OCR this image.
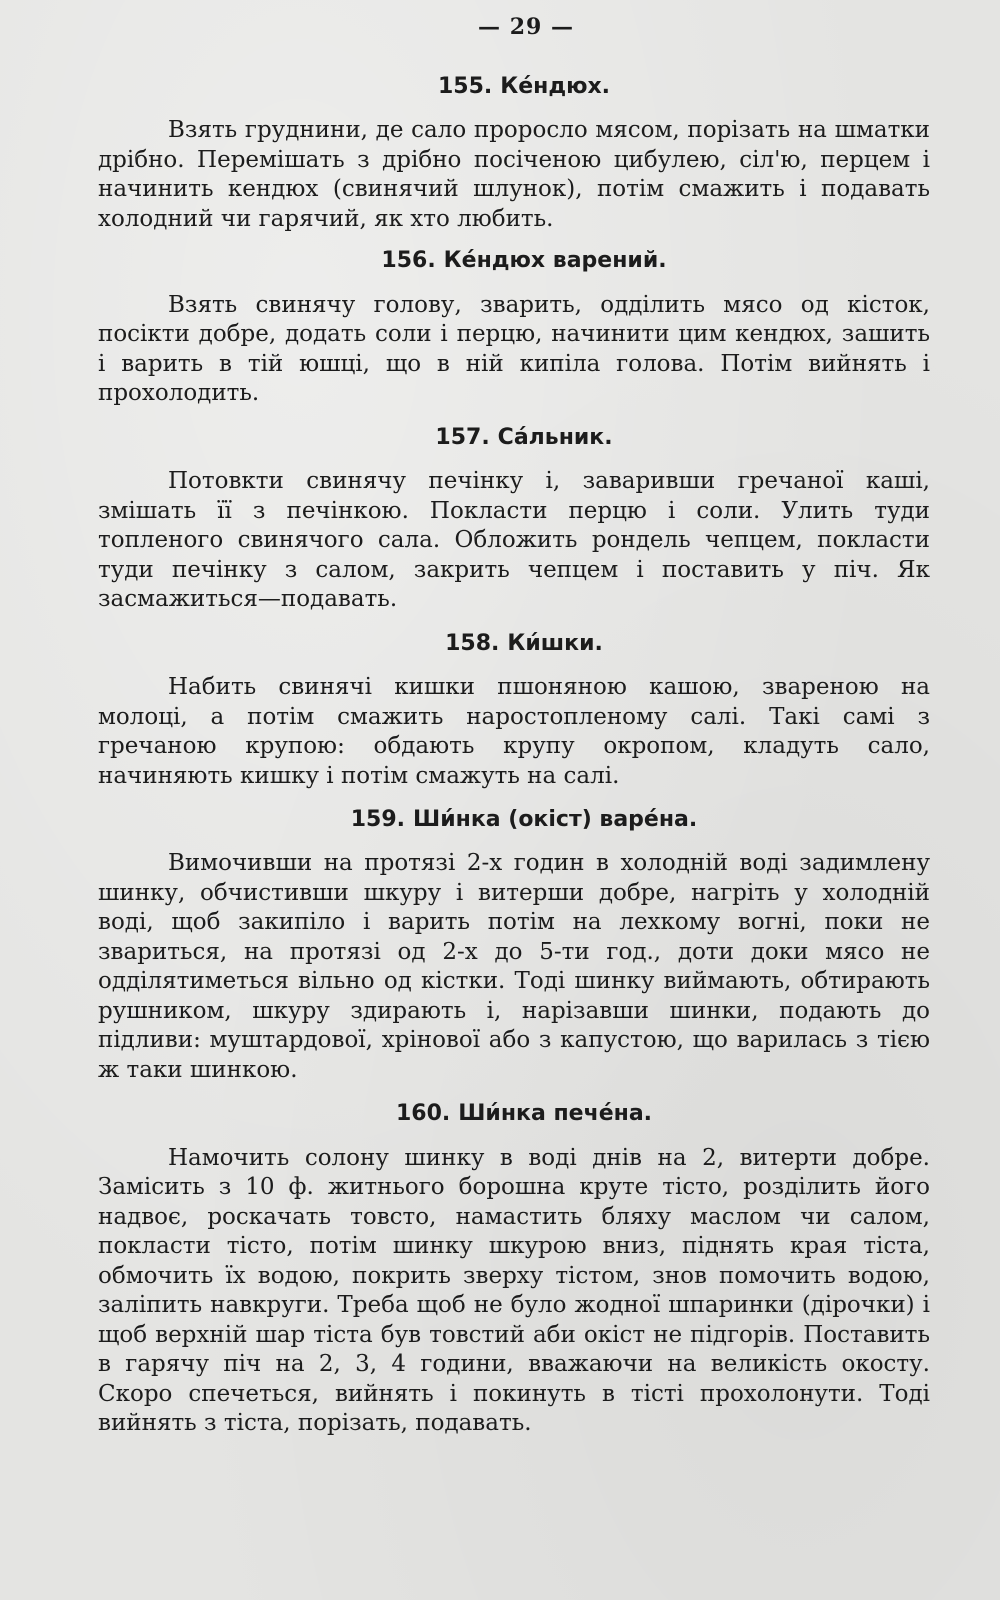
— 29 —
155. Ке́ндюх.

Взять груднини, де сало проросло мясом, порізать на шматки дрібно. Перемішать з дрібно посіченою цибулею, сіл'ю, перцем і начинить кендюх (свинячий шлунок), потім смажить і подавать холодний чи гарячий, як хто любить.

156. Ке́ндюх варений.

Взять свинячу голову, зварить, оддiлить мясо од кісток, посікти добре, додать соли і перцю, начинити цим кендюх, зашить і варить в тій юшці, що в ній кипіла голова. Потім вийнять і прохолодить.

157. Са́льник.

Потовкти свинячу печінку і, заваривши гречаної каші, змішать її з печінкою. Покласти перцю і соли. Улить туди топленого свинячого сала. Обложить рондель чепцем, покласти туди печінку з салом, закрить чепцем і поставить у піч. Як засмажиться—подавать.

158. Ки́шки.

Набить свинячі кишки пшоняною кашою, звареною на молоці, а потім смажить наростопленому салі. Такі самі з гречаною крупою: обдають крупу окропом, кладуть сало, начиняють кишку і потім смажуть на салі.

159. Ши́нка (окіст) варе́на.

Вимочивши на протязі 2-х годин в холодній воді задимлену шинку, обчистивши шкуру і витерши добре, нагріть у холодній воді, щоб закипіло і варить потім на лехкому вогні, поки не звариться, на протязі од 2-х до 5-ти год., доти доки мясо не одділятиметься вільно од кістки. Тоді шинку виймають, обтирають рушником, шкуру здирають і, нарізавши шинки, подають до підливи: муштардової, хрінової або з капустою, що варилась з тією ж таки шинкою.

160. Ши́нка пече́на.

Намочить солону шинку в воді днів на 2, витерти добре. Замісить з 10 ф. житнього борошна круте тісто, розділить його надвоє, роскачать товсто, намастить бляху маслом чи салом, покласти тісто, потім шинку шкурою вниз, піднять края тіста, обмочить їх водою, покрить зверху тістом, знов помочить водою, заліпить навкруги. Треба щоб не було жодної шпаринки (дірочки) і щоб верхній шар тіста був товстий аби окіст не підгорів. Поставить в гарячу піч на 2, 3, 4 години, вважаючи на великість окосту. Скоро спечеться, вийнять і покинуть в тісті прохолонути. Тоді вийнять з тіста, порізать, подавать.
